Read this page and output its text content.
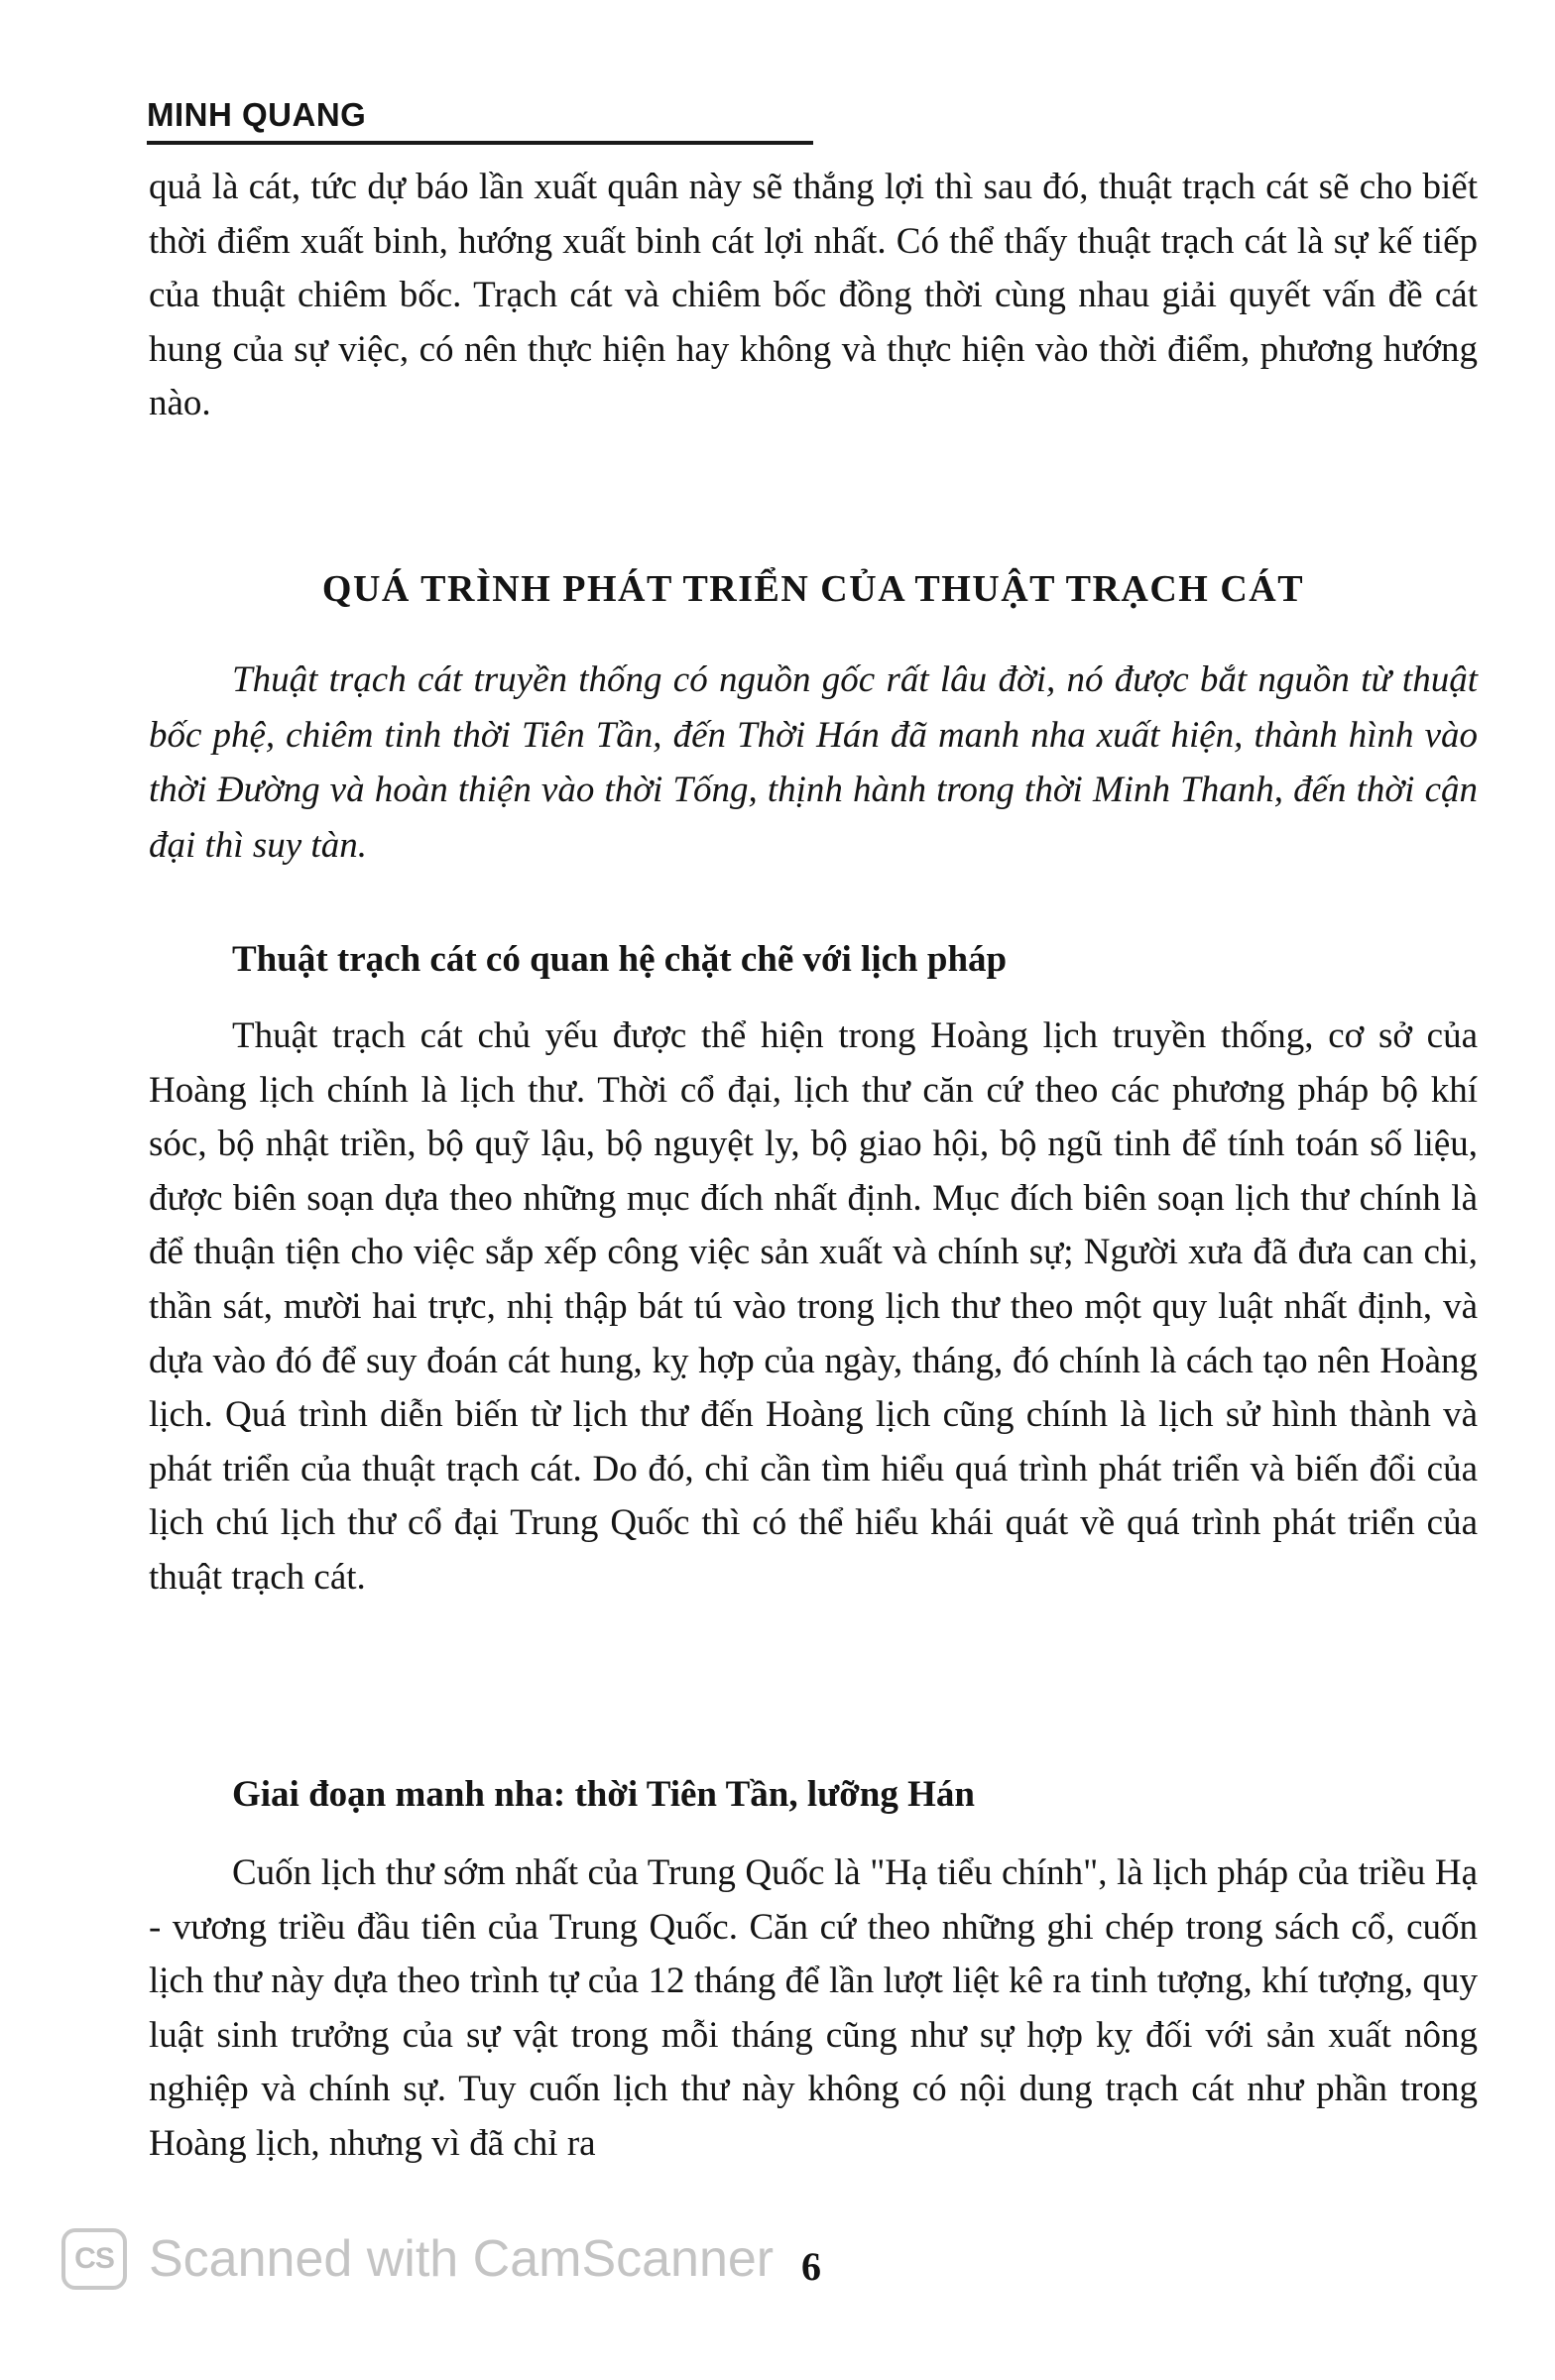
MINH QUANG

quả là cát, tức dự báo lần xuất quân này sẽ thắng lợi thì sau đó, thuật trạch cát sẽ cho biết thời điểm xuất binh, hướng xuất binh cát lợi nhất. Có thể thấy thuật trạch cát là sự kế tiếp của thuật chiêm bốc. Trạch cát và chiêm bốc đồng thời cùng nhau giải quyết vấn đề cát hung của sự việc, có nên thực hiện hay không và thực hiện vào thời điểm, phương hướng nào.

QUÁ TRÌNH PHÁT TRIỂN CỦA THUẬT TRẠCH CÁT

Thuật trạch cát truyền thống có nguồn gốc rất lâu đời, nó được bắt nguồn từ thuật bốc phệ, chiêm tinh thời Tiên Tần, đến Thời Hán đã manh nha xuất hiện, thành hình vào thời Đường và hoàn thiện vào thời Tống, thịnh hành trong thời Minh Thanh, đến thời cận đại thì suy tàn.

Thuật trạch cát có quan hệ chặt chẽ với lịch pháp

Thuật trạch cát chủ yếu được thể hiện trong Hoàng lịch truyền thống, cơ sở của Hoàng lịch chính là lịch thư. Thời cổ đại, lịch thư căn cứ theo các phương pháp bộ khí sóc, bộ nhật triền, bộ quỹ lậu, bộ nguyệt ly, bộ giao hội, bộ ngũ tinh để tính toán số liệu, được biên soạn dựa theo những mục đích nhất định. Mục đích biên soạn lịch thư chính là để thuận tiện cho việc sắp xếp công việc sản xuất và chính sự; Người xưa đã đưa can chi, thần sát, mười hai trực, nhị thập bát tú vào trong lịch thư theo một quy luật nhất định, và dựa vào đó để suy đoán cát hung, kỵ hợp của ngày, tháng, đó chính là cách tạo nên Hoàng lịch. Quá trình diễn biến từ lịch thư đến Hoàng lịch cũng chính là lịch sử hình thành và phát triển của thuật trạch cát. Do đó, chỉ cần tìm hiểu quá trình phát triển và biến đổi của lịch chú lịch thư cổ đại Trung Quốc thì có thể hiểu khái quát về quá trình phát triển của thuật trạch cát.

Giai đoạn manh nha: thời Tiên Tần, lưỡng Hán

Cuốn lịch thư sớm nhất của Trung Quốc là "Hạ tiểu chính", là lịch pháp của triều Hạ - vương triều đầu tiên của Trung Quốc. Căn cứ theo những ghi chép trong sách cổ, cuốn lịch thư này dựa theo trình tự của 12 tháng để lần lượt liệt kê ra tinh tượng, khí tượng, quy luật sinh trưởng của sự vật trong mỗi tháng cũng như sự hợp kỵ đối với sản xuất nông nghiệp và chính sự. Tuy cuốn lịch thư này không có nội dung trạch cát như phần trong Hoàng lịch, nhưng vì đã chỉ ra

CS Scanned with CamScanner 6
